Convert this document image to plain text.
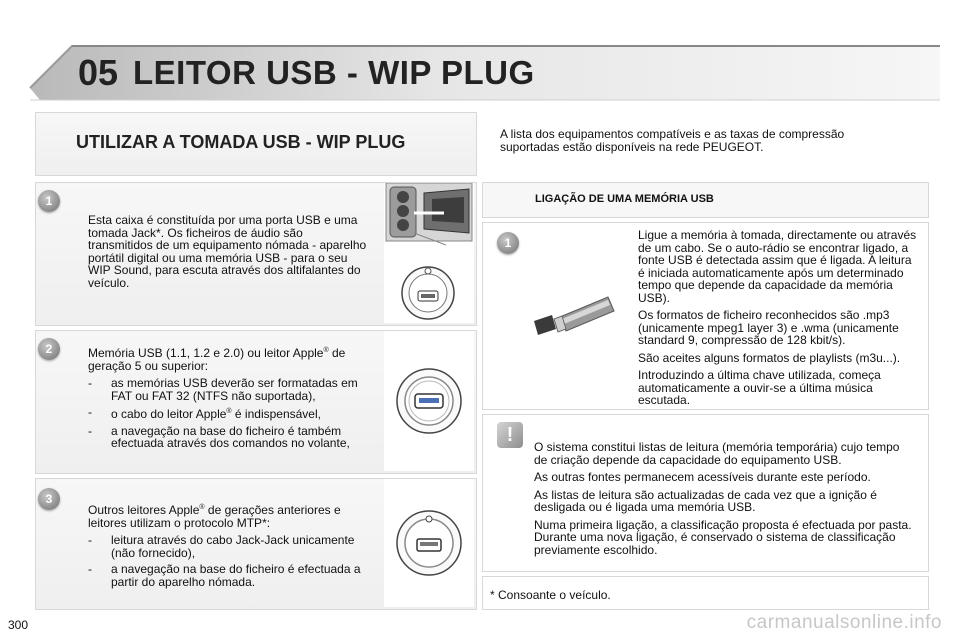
05 LEITOR USB - WIP PLUG
UTILIZAR A TOMADA USB - WIP PLUG
1
Esta caixa é constituída por uma porta USB e uma tomada Jack*. Os ficheiros de áudio são transmitidos de um equipamento nómada - aparelho portátil digital ou uma memória USB - para o seu WIP Sound, para escuta através dos altifalantes do veículo.
2	Memória USB (1.1, 1.2 e 2.0) ou leitor Apple® de geração 5 ou superior:

- as memórias USB deverão ser formatadas em FAT ou FAT 32 (NTFS não suportada),
- o cabo do leitor Apple® é indispensável,
- a navegação na base do ficheiro é também efectuada através dos comandos no volante,
3

Outros leitores Apple® de gerações anteriores e leitores utilizam o protocolo MTP*:

- leitura através do cabo Jack-Jack unicamente (não fornecido),
- a navegação na base do ficheiro é efectuada a partir do aparelho nómada.
A lista dos equipamentos compatíveis e as taxas de compressão suportadas estão disponíveis na rede PEUGEOT.
LIGAÇÃO DE UMA MEMÓRIA USB
1

Ligue a memória à tomada, directamente ou através de um cabo. Se o auto-rádio se encontrar ligado, a fonte USB é detectada assim que é ligada. A leitura é iniciada automaticamente após um determinado tempo que depende da capacidade da memória USB).

Os formatos de ficheiro reconhecidos são .mp3 (unicamente mpeg1 layer 3) e .wma (unicamente standard 9, compressão de 128 kbit/s).

São aceites alguns formatos de playlists (m3u...).

Introduzindo a última chave utilizada, começa automaticamente a ouvir-se a última música escutada.

!

O sistema constitui listas de leitura (memória temporária) cujo tempo de criação depende da capacidade do equipamento USB.

As outras fontes permanecem acessíveis durante este período.

As listas de leitura são actualizadas de cada vez que a ignição é desligada ou é ligada uma memória USB.

Numa primeira ligação, a classificação proposta é efectuada por pasta. Durante uma nova ligação, é conservado o sistema de classificação previamente escolhido.

* Consoante o veículo.
300	carmanualsonline.info
